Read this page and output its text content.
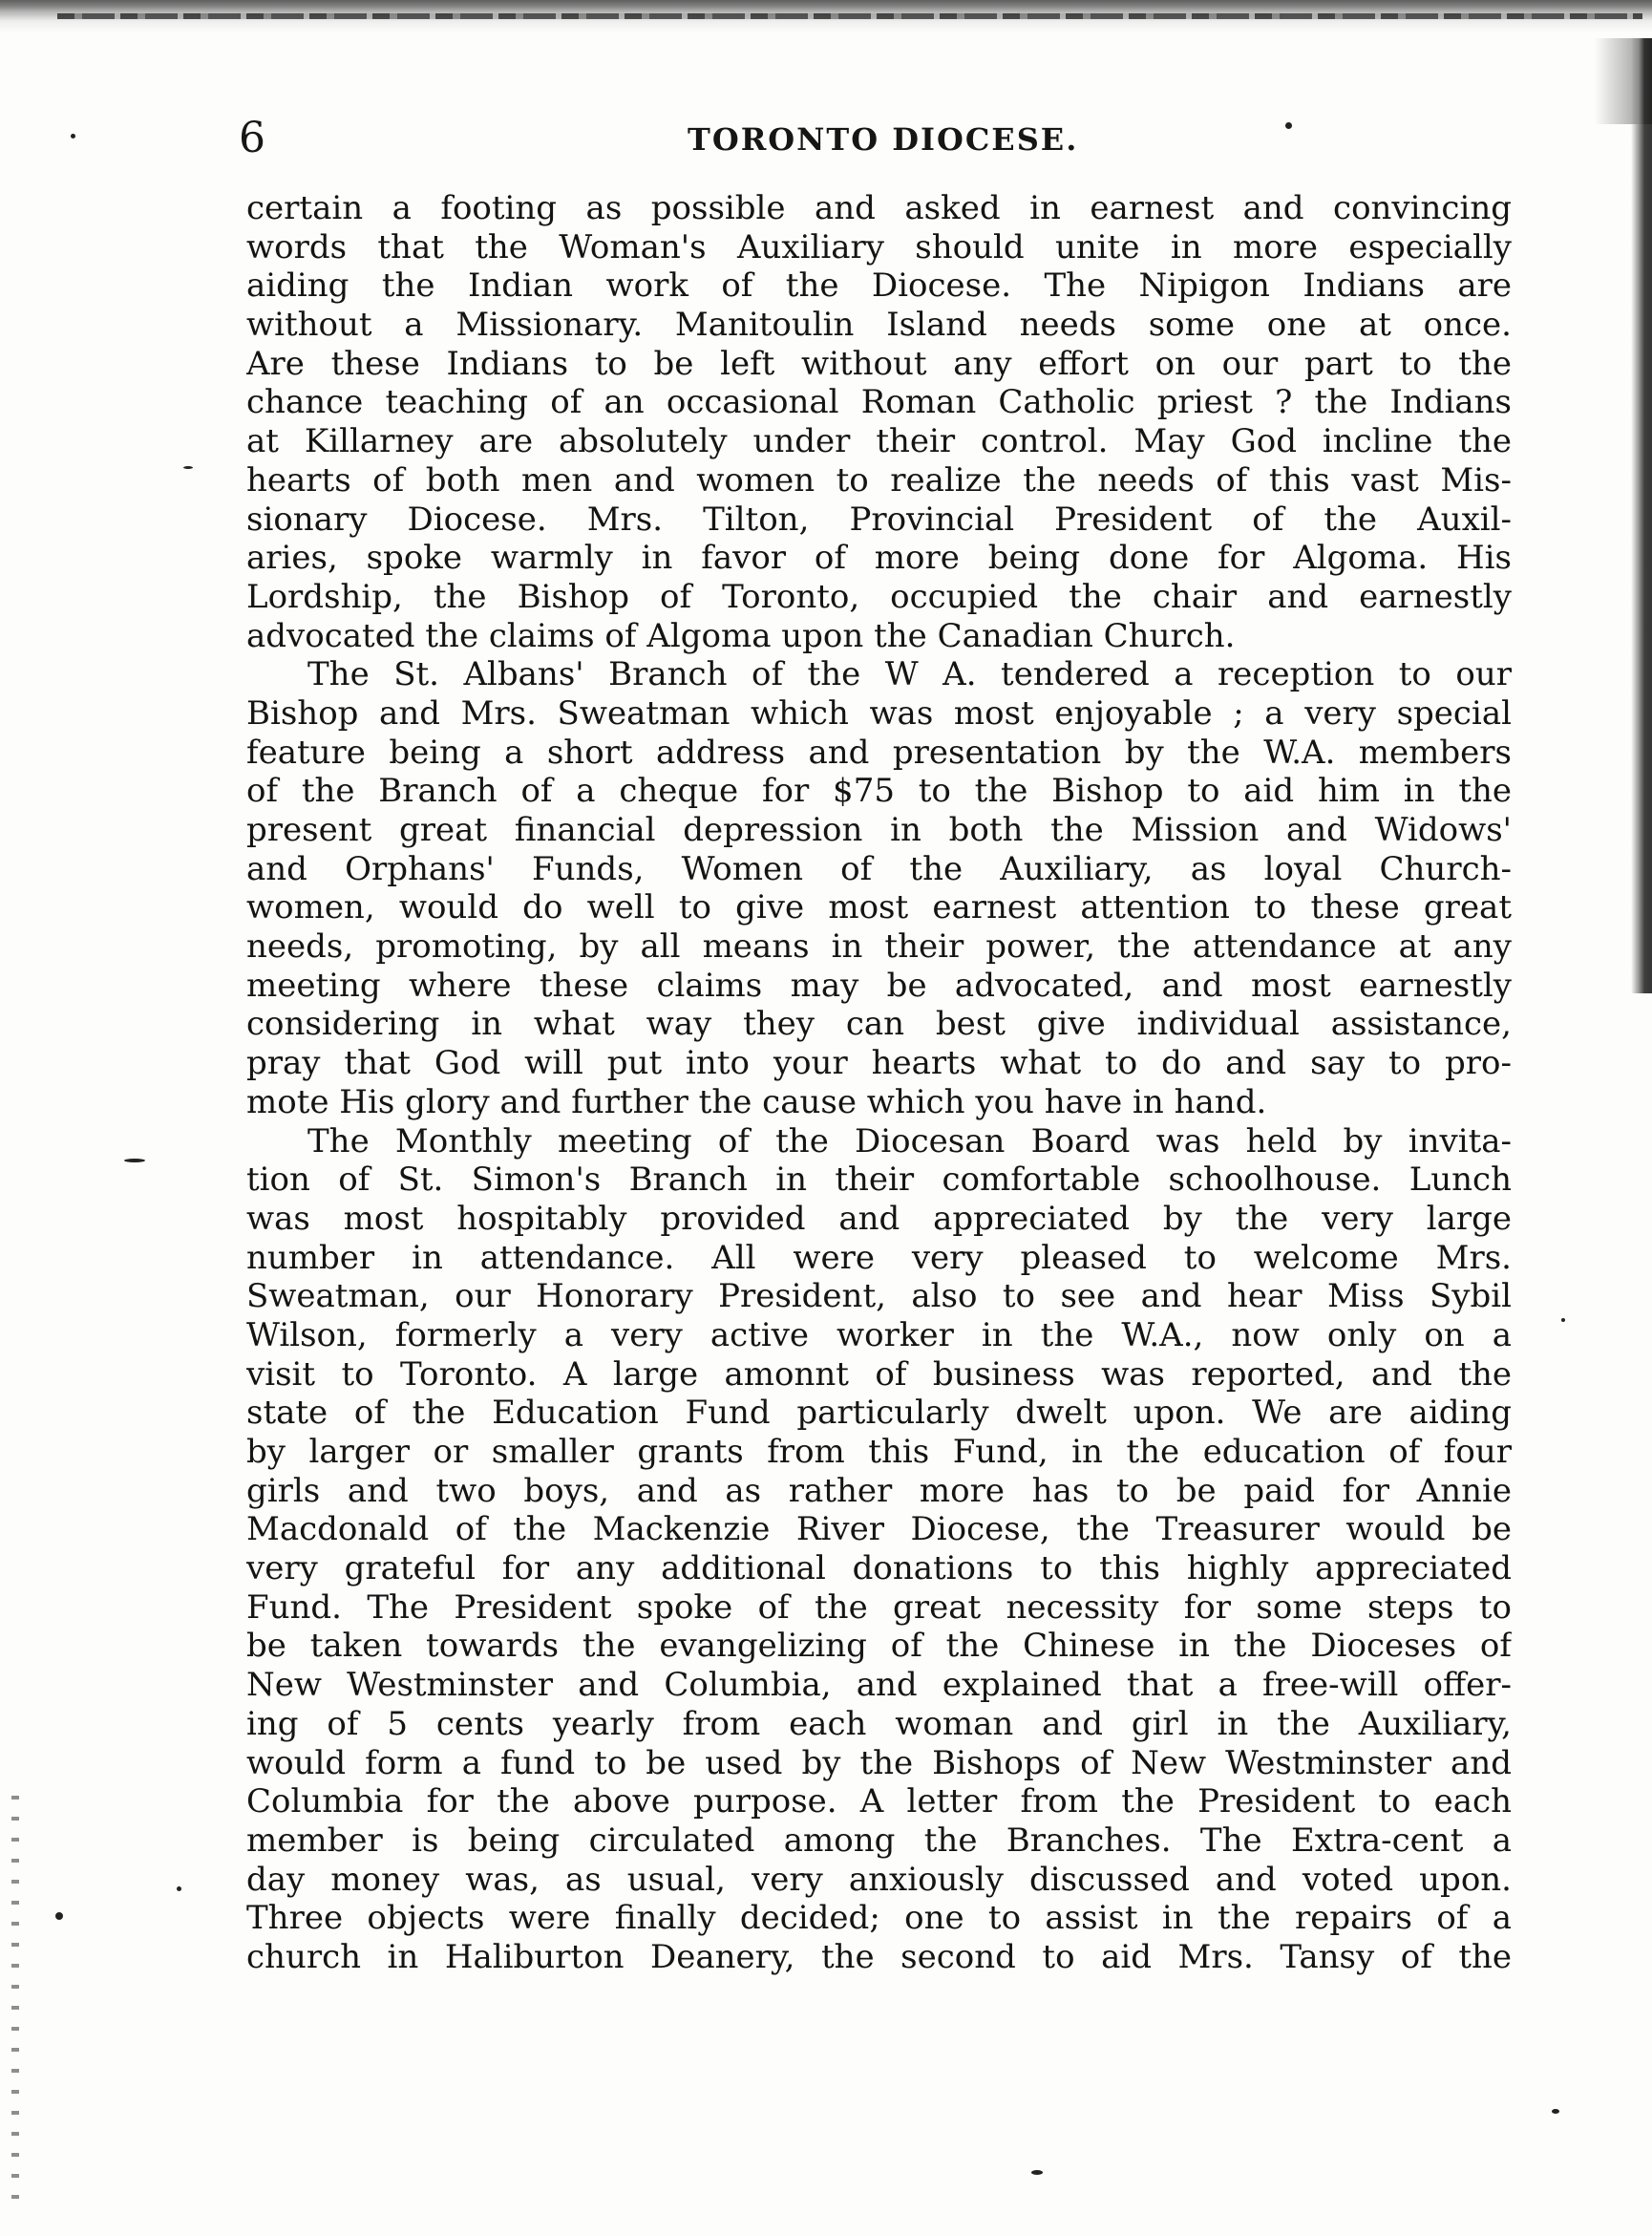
6	TORONTO DIOCESE.
certain a footing as possible and asked in earnest and convincing
words that the Woman's Auxiliary should unite in more especially
aiding the Indian work of the Diocese. The Nipigon Indians are
without a Missionary. Manitoulin Island needs some one at once.
Are these Indians to be left without any effort on our part to the
chance teaching of an occasional Roman Catholic priest ? the Indians
at Killarney are absolutely under their control. May God incline the
hearts of both men and women to realize the needs of this vast Mis-
sionary Diocese. Mrs. Tilton, Provincial President of the Auxil-
aries, spoke warmly in favor of more being done for Algoma. His
Lordship, the Bishop of Toronto, occupied the chair and earnestly
advocated the claims of Algoma upon the Canadian Church.
The St. Albans' Branch of the W A. tendered a reception to our
Bishop and Mrs. Sweatman which was most enjoyable ; a very special
feature being a short address and presentation by the W.A. members
of the Branch of a cheque for $75 to the Bishop to aid him in the
present great financial depression in both the Mission and Widows'
and Orphans' Funds, Women of the Auxiliary, as loyal Church-
women, would do well to give most earnest attention to these great
needs, promoting, by all means in their power, the attendance at any
meeting where these claims may be advocated, and most earnestly
considering in what way they can best give individual assistance,
pray that God will put into your hearts what to do and say to pro-
mote His glory and further the cause which you have in hand.
The Monthly meeting of the Diocesan Board was held by invita-
tion of St. Simon's Branch in their comfortable schoolhouse. Lunch
was most hospitably provided and appreciated by the very large
number in attendance. All were very pleased to welcome Mrs.
Sweatman, our Honorary President, also to see and hear Miss Sybil
Wilson, formerly a very active worker in the W.A., now only on a
visit to Toronto. A large amonnt of business was reported, and the
state of the Education Fund particularly dwelt upon. We are aiding
by larger or smaller grants from this Fund, in the education of four
girls and two boys, and as rather more has to be paid for Annie
Macdonald of the Mackenzie River Diocese, the Treasurer would be
very grateful for any additional donations to this highly appreciated
Fund. The President spoke of the great necessity for some steps to
be taken towards the evangelizing of the Chinese in the Dioceses of
New Westminster and Columbia, and explained that a free-will offer-
ing of 5 cents yearly from each woman and girl in the Auxiliary,
would form a fund to be used by the Bishops of New Westminster and
Columbia for the above purpose. A letter from the President to each
member is being circulated among the Branches. The Extra-cent a
day money was, as usual, very anxiously discussed and voted upon.
Three objects were finally decided; one to assist in the repairs of a
church in Haliburton Deanery, the second to aid Mrs. Tansy of the
